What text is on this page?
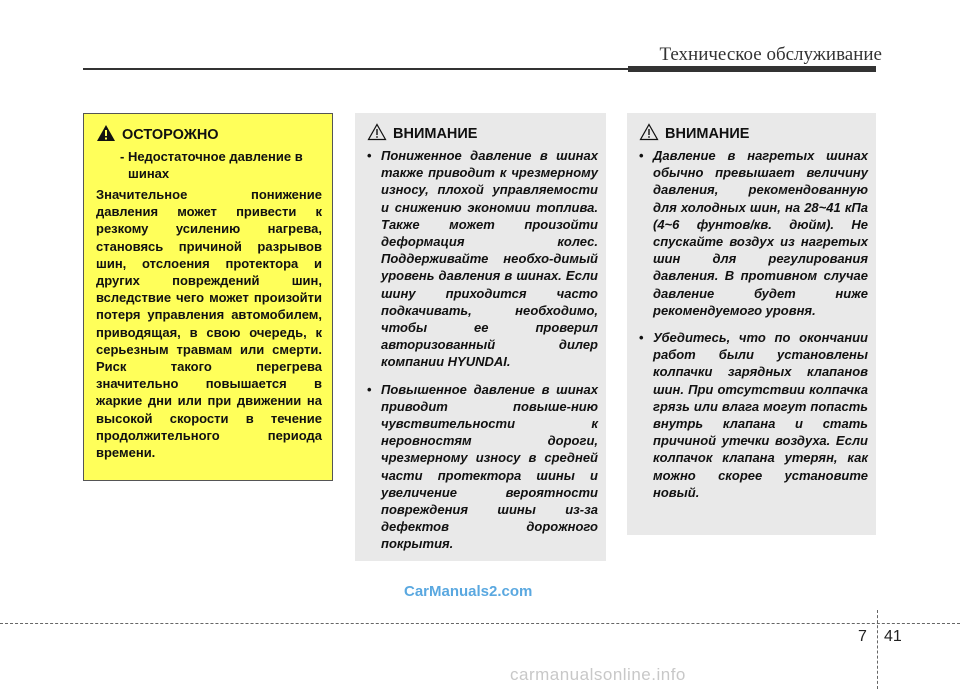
Техническое обслуживание
ОСТОРОЖНО
- Недостаточное давление в шинах
Значительное понижение давления может привести к резкому усилению нагрева, становясь причиной разрывов шин, отслоения протектора и других повреждений шин, вследствие чего может произойти потеря управления автомобилем, приводящая, в свою очередь, к серьезным травмам или смерти. Риск такого перегрева значительно повышается в жаркие дни или при движении на высокой скорости в течение продолжительного периода времени.
ВНИМАНИЕ
• Пониженное давление в шинах также приводит к чрезмерному износу, плохой управляемости и снижению экономии топлива. Также может произойти деформация колес. Поддерживайте необхо-димый уровень давления в шинах. Если шину приходится часто подкачивать, необходимо, чтобы ее проверил авторизованный дилер компании HYUNDAI.
• Повышенное давление в шинах приводит повыше-нию чувствительности к неровностям дороги, чрезмерному износу в средней части протектора шины и увеличение вероятности повреждения шины из-за дефектов дорожного покрытия.
ВНИМАНИЕ
• Давление в нагретых шинах обычно превышает величину давления, рекомендованную для холодных шин, на 28~41 кПа (4~6 фунтов/кв. дюйм). Не спускайте воздух из нагретых шин для регулирования давления. В противном случае давление будет ниже рекомендуемого уровня.
• Убедитесь, что по окончании работ были установлены колпачки зарядных клапанов шин. При отсутствии колпачка грязь или влага могут попасть внутрь клапана и стать причиной утечки воздуха. Если колпачок клапана утерян, как можно скорее установите новый.
CarManuals2.com
7 41
carmanualsonline.info
